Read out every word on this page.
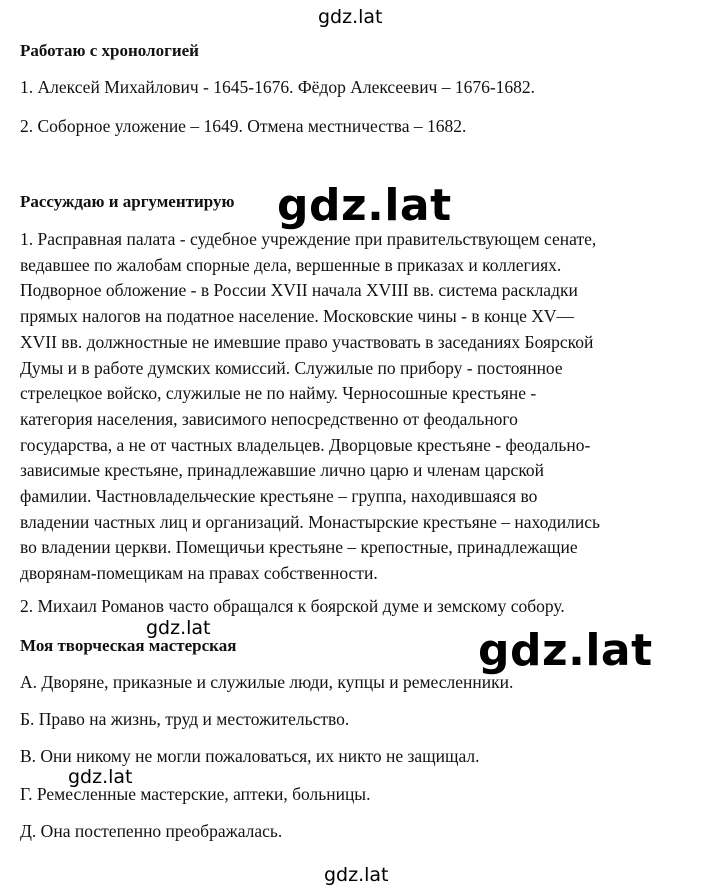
gdz.lat
Работаю с хронологией
1. Алексей Михайлович - 1645-1676. Фёдор Алексеевич – 1676-1682.
2. Соборное уложение – 1649. Отмена местничества – 1682.
Рассуждаю и аргументирую gdz.lat
1. Расправная палата - судебное учреждение при правительствующем сенате,
ведавшее по жалобам спорные дела, вершенные в приказах и коллегиях.
Подворное обложение - в России XVII начала XVIII вв. система раскладки
прямых налогов на податное население. Московские чины - в конце XV—
XVII вв. должностные не имевшие право участвовать в заседаниях Боярской
Думы и в работе думских комиссий. Служилые по прибору - постоянное
стрелецкое войско, служилые не по найму. Черносошные крестьяне -
категория населения, зависимого непосредственно от феодального
государства, а не от частных владельцев. Дворцовые крестьяне - феодально-
зависимые крестьяне, принадлежавшие лично царю и членам царской
фамилии. Частновладельческие крестьяне – группа, находившаяся во
владении частных лиц и организаций. Монастырские крестьяне – находились
во владении церкви. Помещичьи крестьяне – крепостные, принадлежащие
дворянам-помещикам на правах собственности.
2. Михаил Романов часто обращался к боярской думе и земскому собору.
gdz.lat
Моя творческая мастерская	gdz.lat
А. Дворяне, приказные и служилые люди, купцы и ремесленники.
Б. Право на жизнь, труд и местожительство.
В. Они никому не могли пожаловаться, их никто не защищал.
gdz.lat
Г. Ремесленные мастерские, аптеки, больницы.
Д. Она постепенно преображалась.
gdz.lat
